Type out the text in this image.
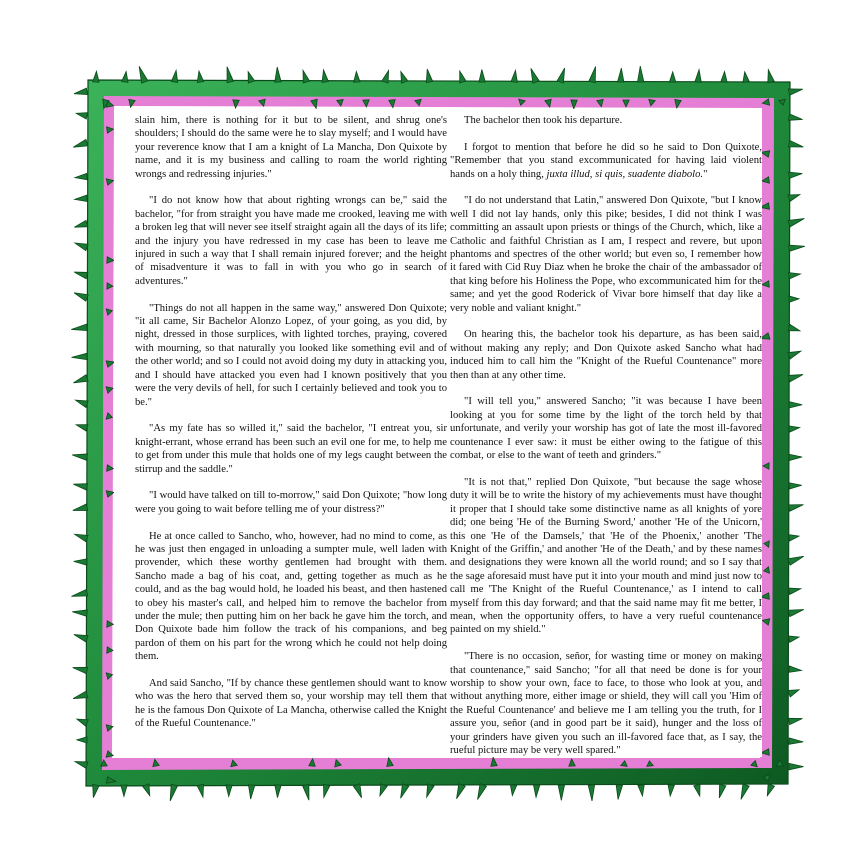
slain him, there is nothing for it but to be silent, and shrug one's shoulders; I should do the same were he to slay myself; and I would have your reverence know that I am a knight of La Mancha, Don Quixote by name, and it is my business and calling to roam the world righting wrongs and redressing injuries."

"I do not know how that about righting wrongs can be," said the bachelor, "for from straight you have made me crooked, leaving me with a broken leg that will never see itself straight again all the days of its life; and the injury you have redressed in my case has been to leave me injured in such a way that I shall remain injured forever; and the height of misadventure it was to fall in with you who go in search of adventures."

"Things do not all happen in the same way," answered Don Quixote; "it all came, Sir Bachelor Alonzo Lopez, of your going, as you did, by night, dressed in those surplices, with lighted torches, praying, covered with mourning, so that naturally you looked like something evil and of the other world; and so I could not avoid doing my duty in attacking you, and I should have attacked you even had I known positively that you were the very devils of hell, for such I certainly believed and took you to be."

"As my fate has so willed it," said the bachelor, "I entreat you, sir knight-errant, whose errand has been such an evil one for me, to help me to get from under this mule that holds one of my legs caught between the stirrup and the saddle."

"I would have talked on till to-morrow," said Don Quixote; "how long were you going to wait before telling me of your distress?"

He at once called to Sancho, who, however, had no mind to come, as he was just then engaged in unloading a sumpter mule, well laden with provender, which these worthy gentlemen had brought with them. Sancho made a bag of his coat, and, getting together as much as he could, and as the bag would hold, he loaded his beast, and then hastened to obey his master's call, and helped him to remove the bachelor from under the mule; then putting him on her back he gave him the torch, and Don Quixote bade him follow the track of his companions, and beg pardon of them on his part for the wrong which he could not help doing them.

And said Sancho, "If by chance these gentlemen should want to know who was the hero that served them so, your worship may tell them that he is the famous Don Quixote of La Mancha, otherwise called the Knight of the Rueful Countenance."

The bachelor then took his departure.

I forgot to mention that before he did so he said to Don Quixote, "Remember that you stand excommunicated for having laid violent hands on a holy thing, juxta illud, si quis, suadente diabolo."

"I do not understand that Latin," answered Don Quixote, "but I know well I did not lay hands, only this pike; besides, I did not think I was committing an assault upon priests or things of the Church, which, like a Catholic and faithful Christian as I am, I respect and revere, but upon phantoms and spectres of the other world; but even so, I remember how it fared with Cid Ruy Diaz when he broke the chair of the ambassador of that king before his Holiness the Pope, who excommunicated him for the same; and yet the good Roderick of Vivar bore himself that day like a very noble and valiant knight."

On hearing this, the bachelor took his departure, as has been said, without making any reply; and Don Quixote asked Sancho what had induced him to call him the "Knight of the Rueful Countenance" more then than at any other time.

"I will tell you," answered Sancho; "it was because I have been looking at you for some time by the light of the torch held by that unfortunate, and verily your worship has got of late the most ill-favored countenance I ever saw: it must be either owing to the fatigue of this combat, or else to the want of teeth and grinders."

"It is not that," replied Don Quixote, "but because the sage whose duty it will be to write the history of my achievements must have thought it proper that I should take some distinctive name as all knights of yore did; one being 'He of the Burning Sword,' another 'He of the Unicorn,' this one 'He of the Damsels,' that 'He of the Phoenix,' another 'The Knight of the Griffin,' and another 'He of the Death,' and by these names and designations they were known all the world round; and so I say that the sage aforesaid must have put it into your mouth and mind just now to call me 'The Knight of the Rueful Countenance,' as I intend to call myself from this day forward; and that the said name may fit me better, I mean, when the opportunity offers, to have a very rueful countenance painted on my shield."

"There is no occasion, señor, for wasting time or money on making that countenance," said Sancho; "for all that need be done is for your worship to show your own, face to face, to those who look at you, and without anything more, either image or shield, they will call you 'Him of the Rueful Countenance' and believe me I am telling you the truth, for I assure you, señor (and in good part be it said), hunger and the loss of your grinders have given you such an ill-favored face that, as I say, the rueful picture may be very well spared."
